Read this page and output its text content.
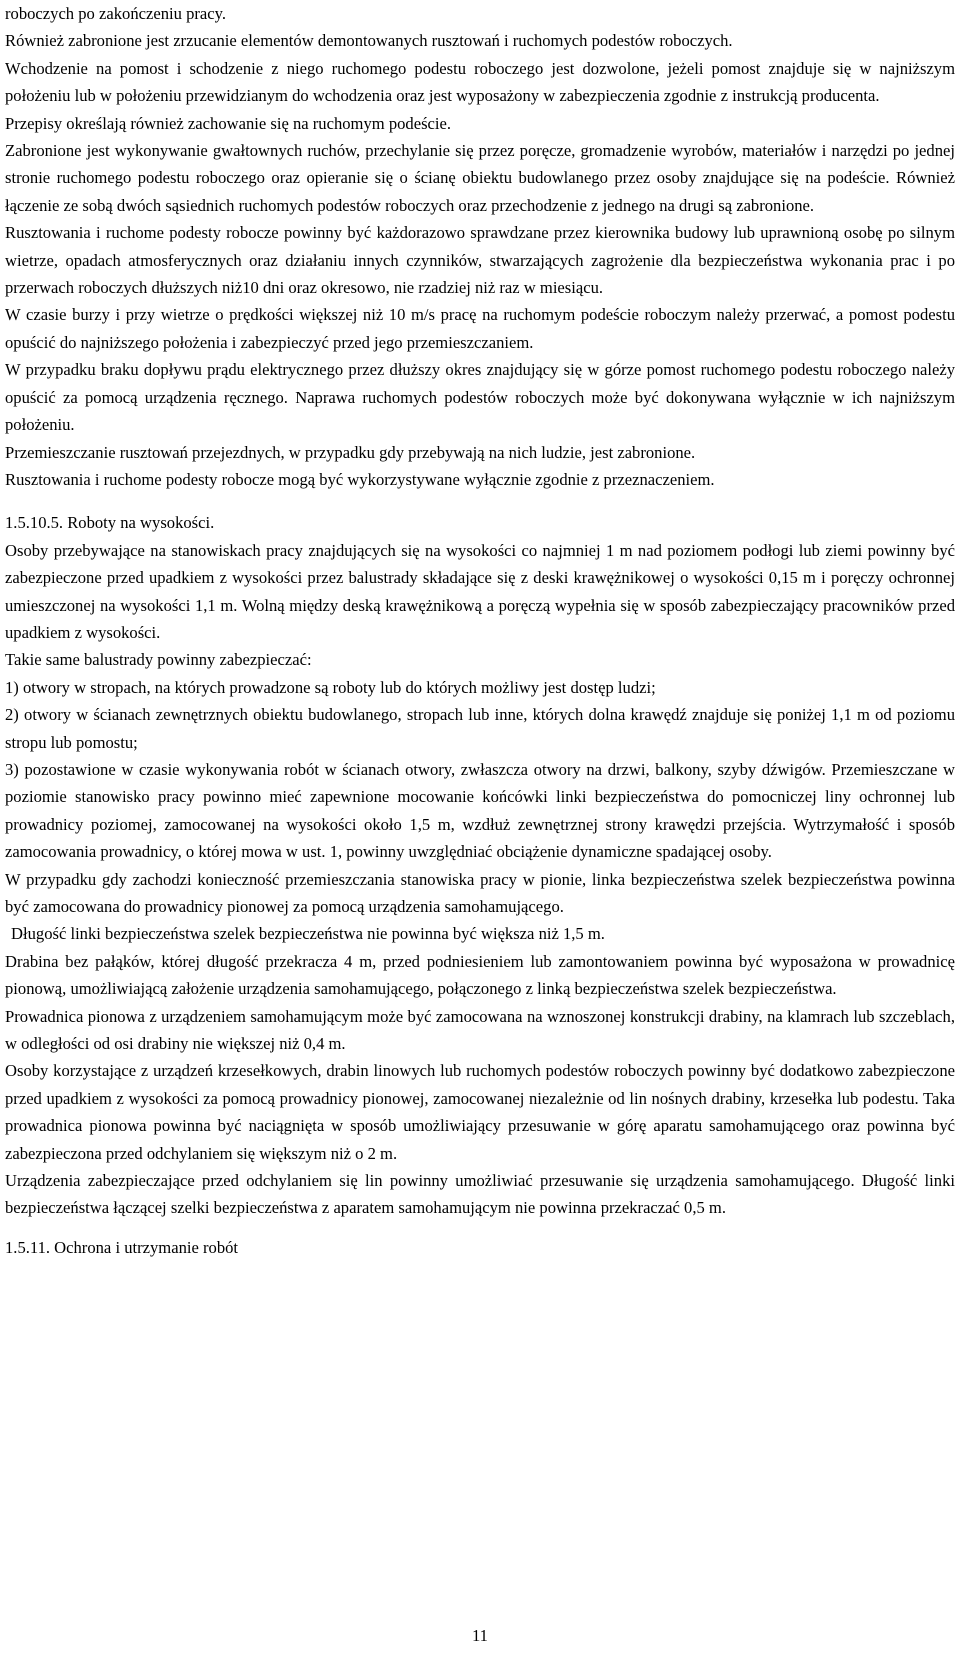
roboczych po zakończeniu pracy.

Również zabronione jest zrzucanie elementów demontowanych rusztowań i ruchomych podestów roboczych.

Wchodzenie na pomost i schodzenie z niego ruchomego podestu roboczego jest dozwolone, jeżeli pomost znajduje się w najniższym położeniu lub w położeniu przewidzianym do wchodzenia oraz jest wyposażony w zabezpieczenia zgodnie z instrukcją producenta.

Przepisy określają również zachowanie się na ruchomym podeście.

Zabronione jest wykonywanie gwałtownych ruchów, przechylanie się przez poręcze, gromadzenie wyrobów, materiałów i narzędzi po jednej stronie ruchomego podestu roboczego oraz opieranie się o ścianę obiektu budowlanego przez osoby znajdujące się na podeście. Również łączenie ze sobą dwóch sąsiednich ruchomych podestów roboczych oraz przechodzenie z jednego na drugi są zabronione.

Rusztowania i ruchome podesty robocze powinny być każdorazowo sprawdzane przez kierownika budowy lub uprawnioną osobę po silnym wietrze, opadach atmosferycznych oraz działaniu innych czynników, stwarzających zagrożenie dla bezpieczeństwa wykonania prac i po przerwach roboczych dłuższych niż10 dni oraz okresowo, nie rzadziej niż raz w miesiącu.

W czasie burzy i przy wietrze o prędkości większej niż 10 m/s pracę na ruchomym podeście roboczym należy przerwać, a pomost podestu opuścić do najniższego położenia i zabezpieczyć przed jego przemieszczaniem.

W przypadku braku dopływu prądu elektrycznego przez dłuższy okres znajdujący się w górze pomost ruchomego podestu roboczego należy opuścić za pomocą urządzenia ręcznego. Naprawa ruchomych podestów roboczych może być dokonywana wyłącznie w ich najniższym położeniu.

Przemieszczanie rusztowań przejezdnych, w przypadku gdy przebywają na nich ludzie, jest zabronione.

Rusztowania i ruchome podesty robocze mogą być wykorzystywane wyłącznie zgodnie z przeznaczeniem.

1.5.10.5. Roboty na wysokości.

Osoby przebywające na stanowiskach pracy znajdujących się na wysokości co najmniej 1 m nad poziomem podłogi lub ziemi powinny być zabezpieczone przed upadkiem z wysokości przez balustrady składające się z deski krawężnikowej o wysokości 0,15 m i poręczy ochronnej umieszczonej na wysokości 1,1 m. Wolną między deską krawężnikową a poręczą wypełnia się w sposób zabezpieczający pracowników przed upadkiem z wysokości.

Takie same balustrady powinny zabezpieczać:

1) otwory w stropach, na których prowadzone są roboty lub do których możliwy jest dostęp ludzi;

2) otwory w ścianach zewnętrznych obiektu budowlanego, stropach lub inne, których dolna krawędź znajduje się poniżej 1,1 m od poziomu stropu lub pomostu;

3) pozostawione w czasie wykonywania robót w ścianach otwory, zwłaszcza otwory na drzwi, balkony, szyby dźwigów. Przemieszczane w poziomie stanowisko pracy powinno mieć zapewnione mocowanie końcówki linki bezpieczeństwa do pomocniczej liny ochronnej lub prowadnicy poziomej, zamocowanej na wysokości około 1,5 m, wzdłuż zewnętrznej strony krawędzi przejścia. Wytrzymałość i sposób zamocowania prowadnicy, o której mowa w ust. 1, powinny uwzględniać obciążenie dynamiczne spadającej osoby.

W przypadku gdy zachodzi konieczność przemieszczania stanowiska pracy w pionie, linka bezpieczeństwa szelek bezpieczeństwa powinna być zamocowana do prowadnicy pionowej za pomocą urządzenia samohamującego.

Długość linki bezpieczeństwa szelek bezpieczeństwa nie powinna być większa niż 1,5 m.

Drabina bez pałąków, której długość przekracza 4 m, przed podniesieniem lub zamontowaniem powinna być wyposażona w prowadnicę pionową, umożliwiającą założenie urządzenia samohamującego, połączonego z linką bezpieczeństwa szelek bezpieczeństwa.

Prowadnica pionowa z urządzeniem samohamującym może być zamocowana na wznoszonej konstrukcji drabiny, na klamrach lub szczeblach, w odległości od osi drabiny nie większej niż 0,4 m.

Osoby korzystające z urządzeń krzesełkowych, drabin linowych lub ruchomych podestów roboczych powinny być dodatkowo zabezpieczone przed upadkiem z wysokości za pomocą prowadnicy pionowej, zamocowanej niezależnie od lin nośnych drabiny, krzesełka lub podestu. Taka prowadnica pionowa powinna być naciągnięta w sposób umożliwiający przesuwanie w górę aparatu samohamującego oraz powinna być zabezpieczona przed odchylaniem się większym niż o 2 m.

Urządzenia zabezpieczające przed odchylaniem się lin powinny umożliwiać przesuwanie się urządzenia samohamującego. Długość linki bezpieczeństwa łączącej szelki bezpieczeństwa z aparatem samohamującym nie powinna przekraczać 0,5 m.

1.5.11. Ochrona i utrzymanie robót

11
